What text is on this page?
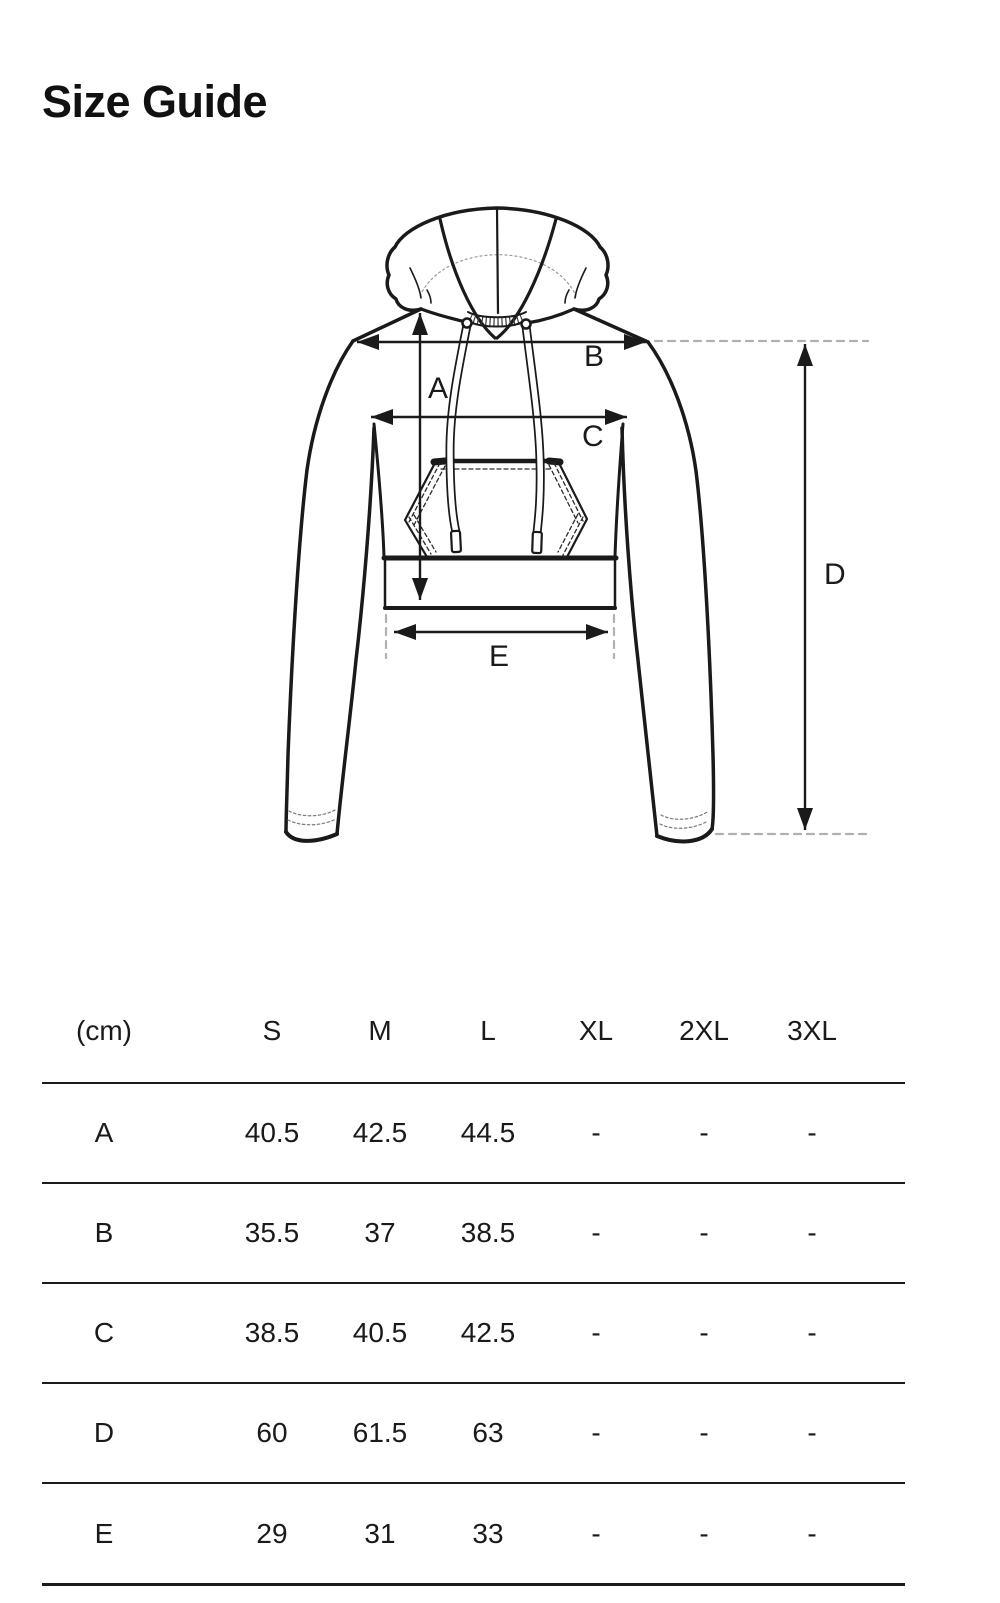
Size Guide
A
B
C
D
E
(cm)		S	M	L	XL	2XL	3XL	
A		40.5	42.5	44.5	-	-	-	
B		35.5	37	38.5	-	-	-	
C		38.5	40.5	42.5	-	-	-	
D		60	61.5	63	-	-	-	
E		29	31	33	-	-	-	
